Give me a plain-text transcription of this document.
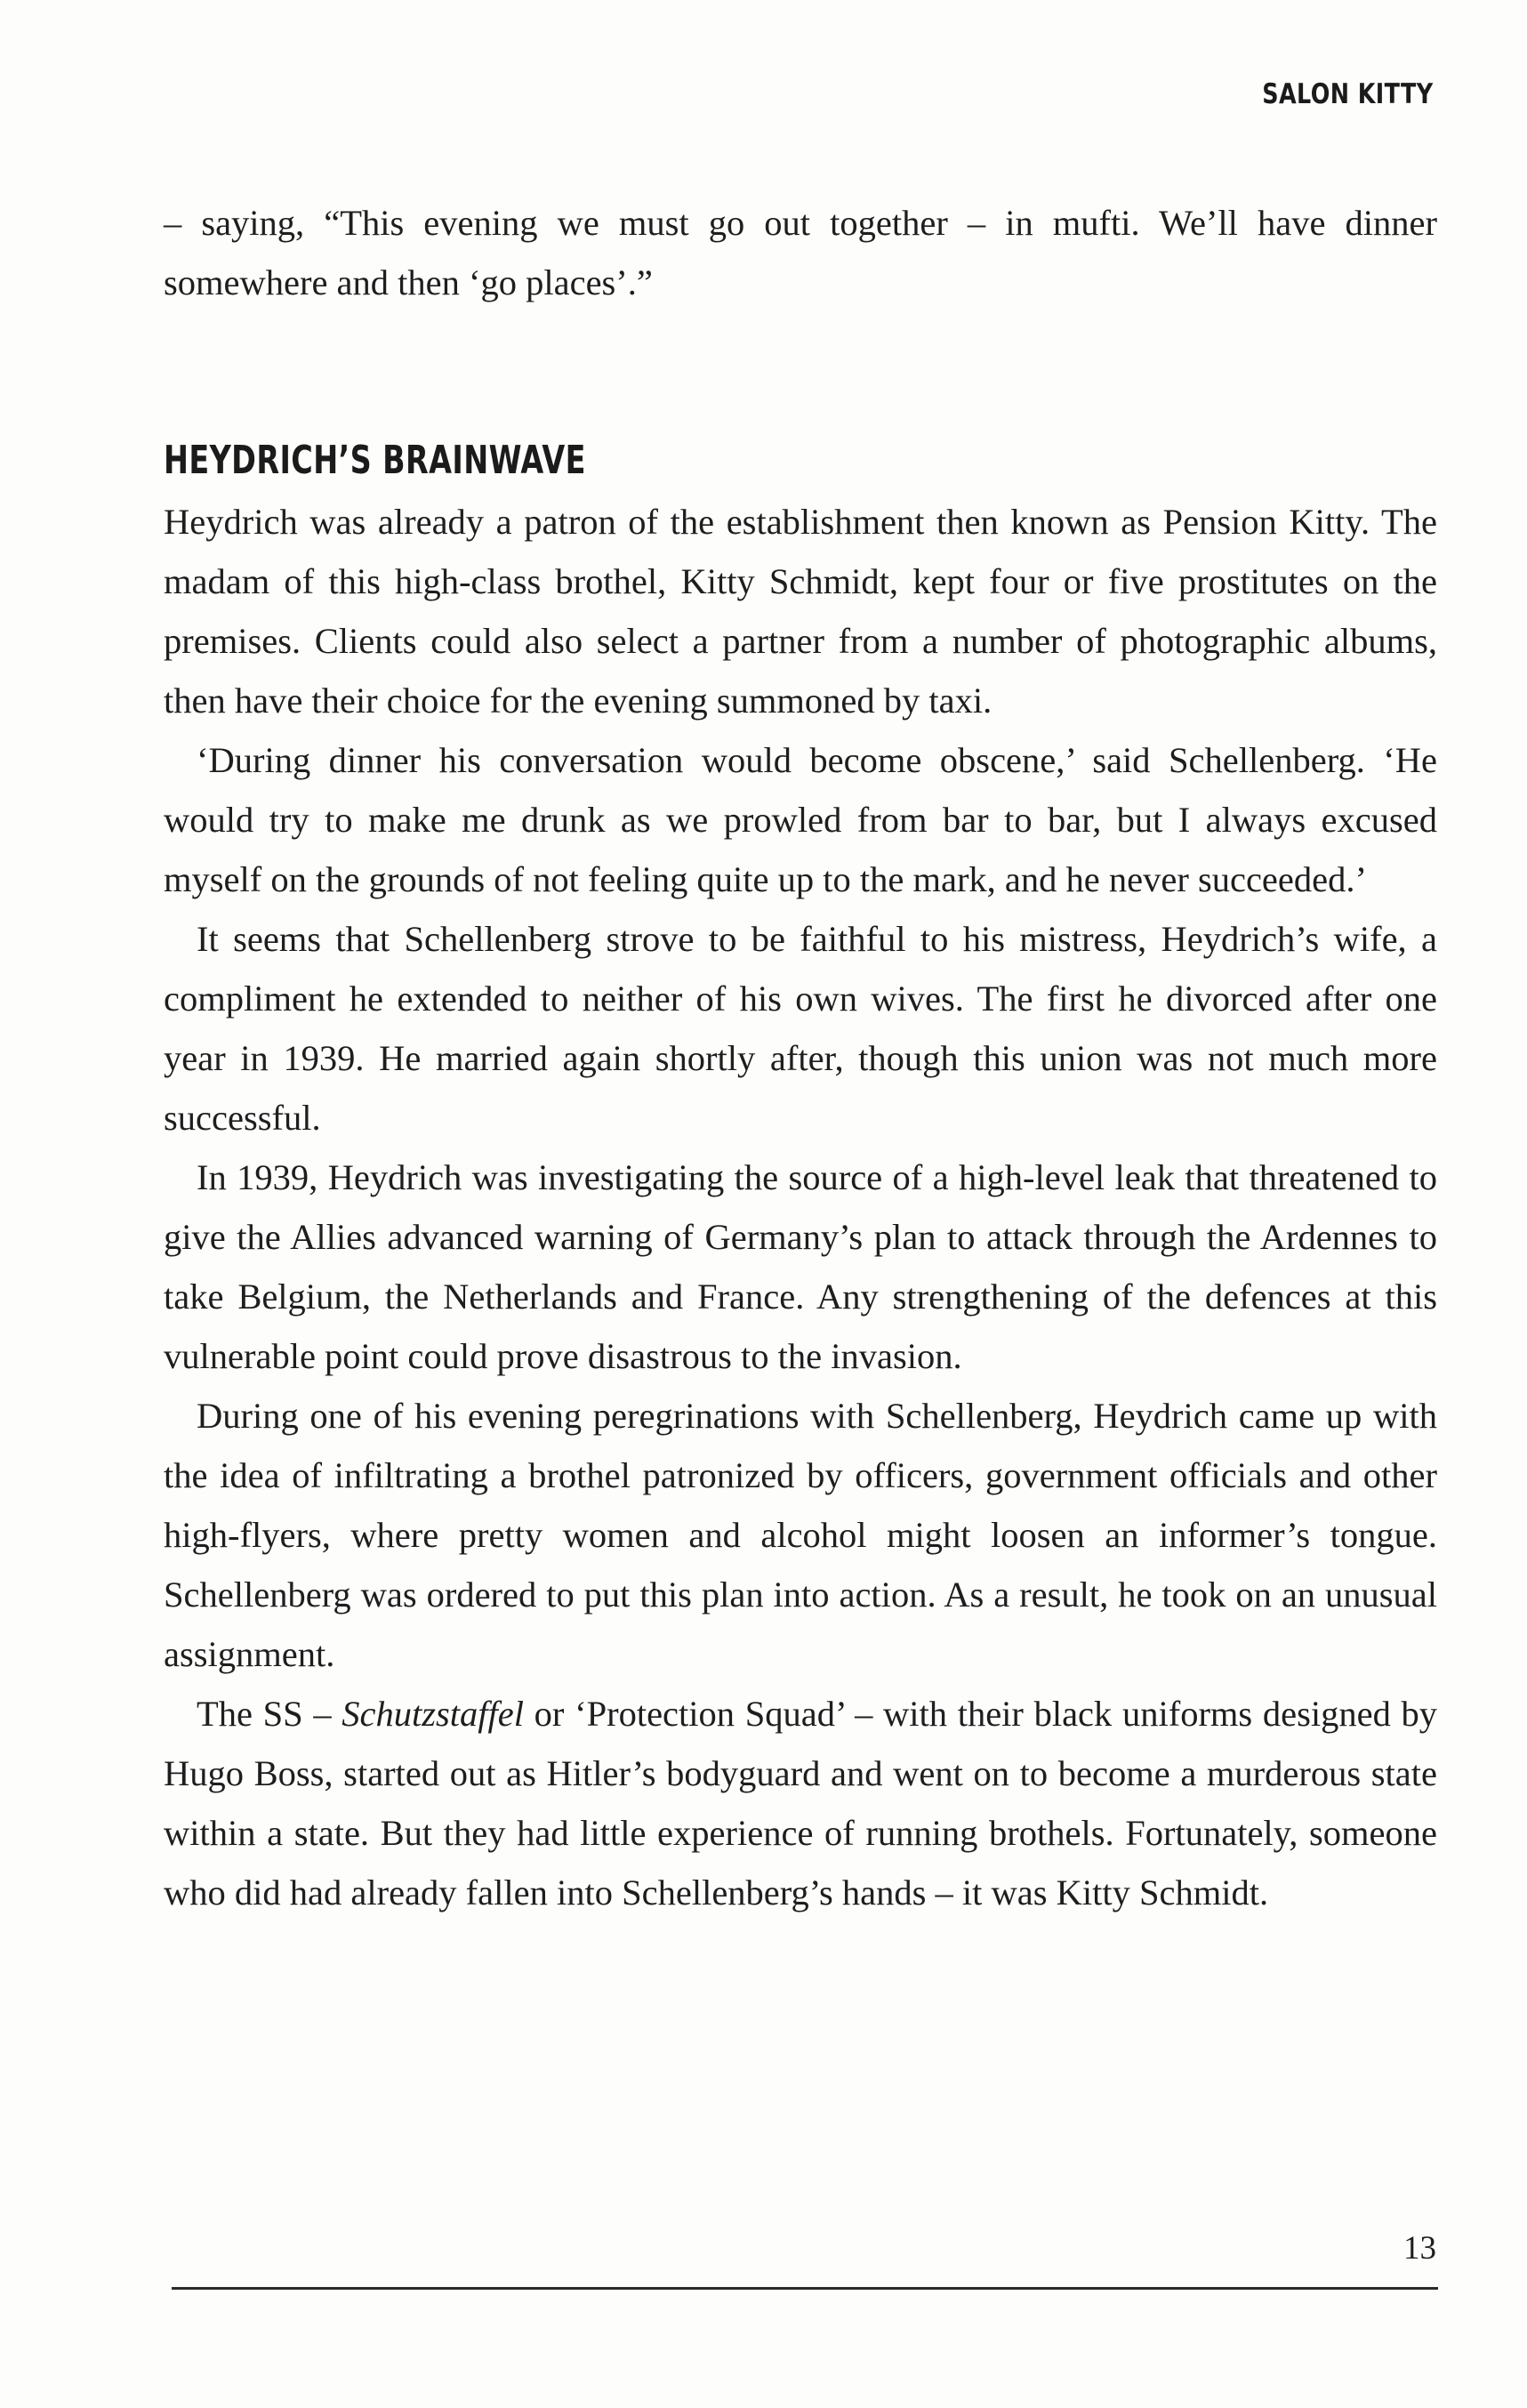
SALON KITTY

– saying, “This evening we must go out together – in mufti. We’ll have dinner somewhere and then ‘go places’.”

HEYDRICH’S BRAINWAVE

Heydrich was already a patron of the establishment then known as Pension Kitty. The madam of this high-class brothel, Kitty Schmidt, kept four or five prostitutes on the premises. Clients could also select a partner from a number of photographic albums, then have their choice for the evening summoned by taxi.

‘During dinner his conversation would become obscene,’ said Schellenberg. ‘He would try to make me drunk as we prowled from bar to bar, but I always excused myself on the grounds of not feeling quite up to the mark, and he never succeeded.’

It seems that Schellenberg strove to be faithful to his mistress, Heydrich’s wife, a compliment he extended to neither of his own wives. The first he divorced after one year in 1939. He married again shortly after, though this union was not much more successful.

In 1939, Heydrich was investigating the source of a high-level leak that threatened to give the Allies advanced warning of Germany’s plan to attack through the Ardennes to take Belgium, the Netherlands and France. Any strengthening of the defences at this vulnerable point could prove disastrous to the invasion.

During one of his evening peregrinations with Schellenberg, Heydrich came up with the idea of infiltrating a brothel patronized by officers, government officials and other high-flyers, where pretty women and alcohol might loosen an informer’s tongue. Schellenberg was ordered to put this plan into action. As a result, he took on an unusual assignment.

The SS – Schutzstaffel or ‘Protection Squad’ – with their black uniforms designed by Hugo Boss, started out as Hitler’s bodyguard and went on to become a murderous state within a state. But they had little experience of running brothels. Fortunately, someone who did had already fallen into Schellenberg’s hands – it was Kitty Schmidt.

13
